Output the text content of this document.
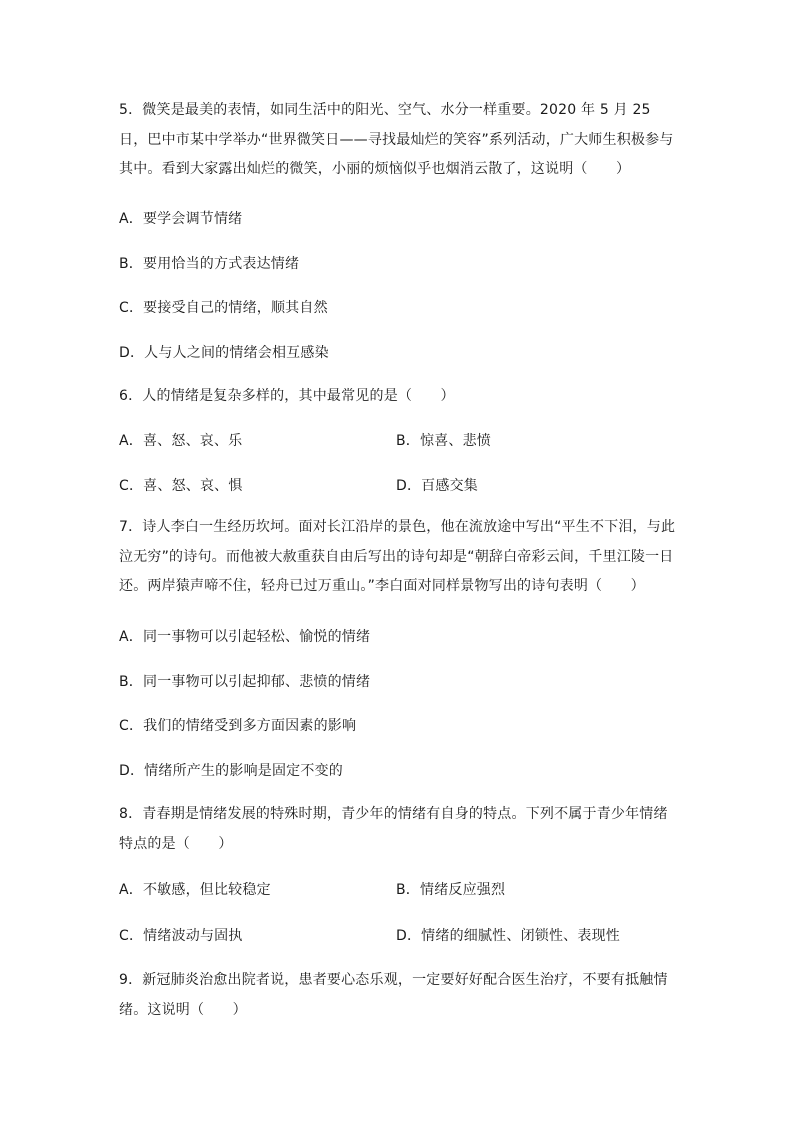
5．微笑是最美的表情，如同生活中的阳光、空气、水分一样重要。2020 年 5 月 25 日，巴中市某中学举办“世界微笑日——寻找最灿烂的笑容”系列活动，广大师生积极参与其中。看到大家露出灿烂的微笑，小丽的烦恼似乎也烟消云散了，这说明（　　）

A．要学会调节情绪
B．要用恰当的方式表达情绪
C．要接受自己的情绪，顺其自然
D．人与人之间的情绪会相互感染

6．人的情绪是复杂多样的，其中最常见的是（　　）

A．喜、怒、哀、乐	B．惊喜、悲愤
C．喜、怒、哀、惧	D．百感交集

7．诗人李白一生经历坎坷。面对长江沿岸的景色，他在流放途中写出“平生不下泪，与此泣无穷”的诗句。而他被大赦重获自由后写出的诗句却是“朝辞白帝彩云间，千里江陵一日还。两岸猿声啼不住，轻舟已过万重山。”李白面对同样景物写出的诗句表明（　　）

A．同一事物可以引起轻松、愉悦的情绪
B．同一事物可以引起抑郁、悲愤的情绪
C．我们的情绪受到多方面因素的影响
D．情绪所产生的影响是固定不变的

8．青春期是情绪发展的特殊时期，青少年的情绪有自身的特点。下列不属于青少年情绪特点的是（　　）

A．不敏感，但比较稳定	B．情绪反应强烈
C．情绪波动与固执	D．情绪的细腻性、闭锁性、表现性

9．新冠肺炎治愈出院者说，患者要心态乐观，一定要好好配合医生治疗，不要有抵触情绪。这说明（　　）
